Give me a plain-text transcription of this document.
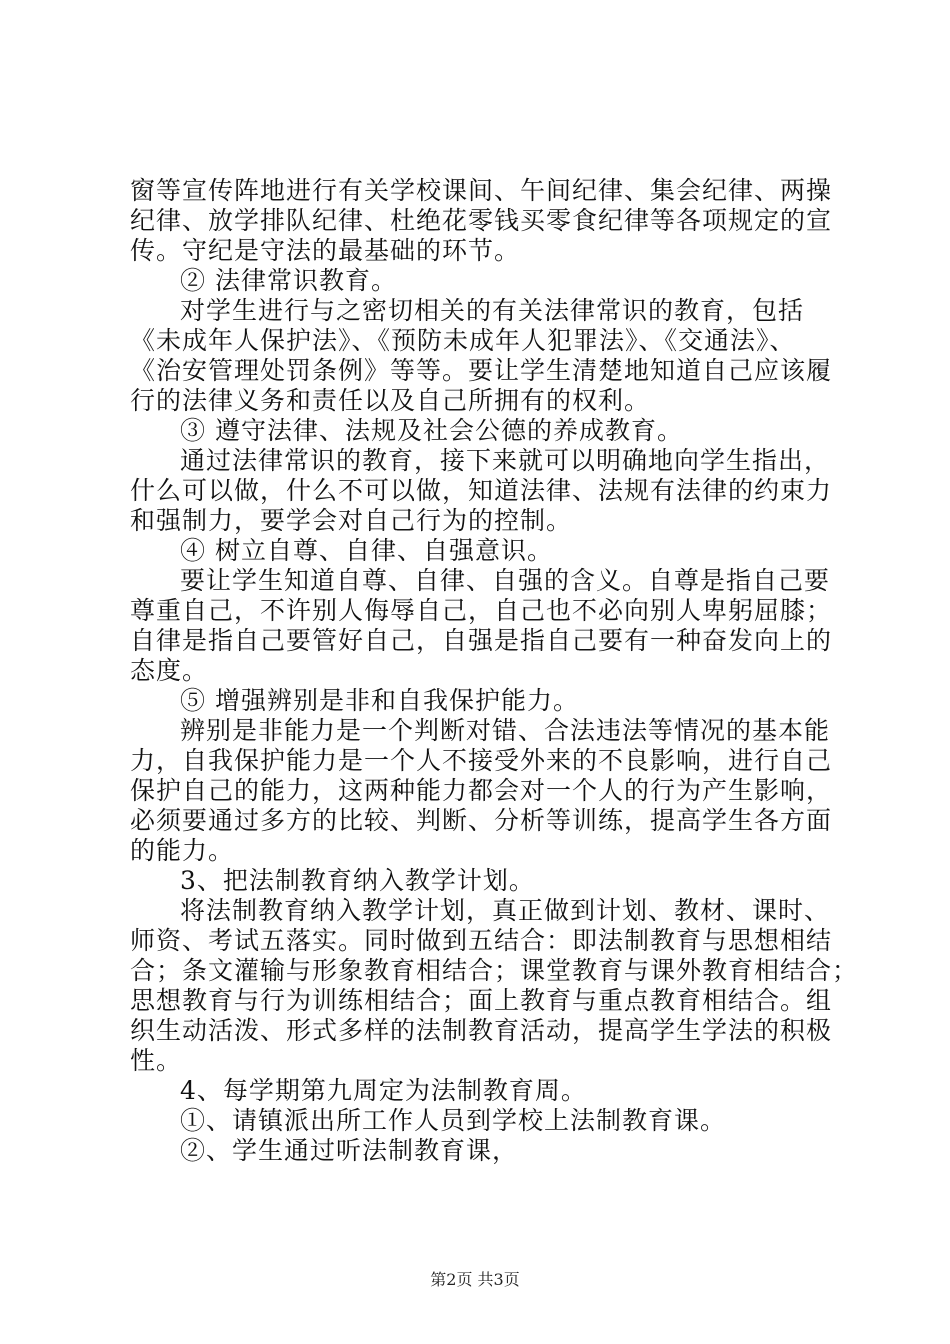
窗等宣传阵地进行有关学校课间、午间纪律、集会纪律、两操
纪律、放学排队纪律、杜绝花零钱买零食纪律等各项规定的宣
传。守纪是守法的最基础的环节。
② 法律常识教育。
对学生进行与之密切相关的有关法律常识的教育，包括
《未成年人保护法》、《预防未成年人犯罪法》、《交通法》、
《治安管理处罚条例》等等。要让学生清楚地知道自己应该履
行的法律义务和责任以及自己所拥有的权利。
③ 遵守法律、法规及社会公德的养成教育。
通过法律常识的教育，接下来就可以明确地向学生指出，
什么可以做，什么不可以做，知道法律、法规有法律的约束力
和强制力，要学会对自己行为的控制。
④ 树立自尊、自律、自强意识。
要让学生知道自尊、自律、自强的含义。自尊是指自己要
尊重自己，不许别人侮辱自己，自己也不必向别人卑躬屈膝；
自律是指自己要管好自己，自强是指自己要有一种奋发向上的
态度。
⑤ 增强辨别是非和自我保护能力。
辨别是非能力是一个判断对错、合法违法等情况的基本能
力，自我保护能力是一个人不接受外来的不良影响，进行自己
保护自己的能力，这两种能力都会对一个人的行为产生影响，
必须要通过多方的比较、判断、分析等训练，提高学生各方面
的能力。
3、把法制教育纳入教学计划。
将法制教育纳入教学计划，真正做到计划、教材、课时、
师资、考试五落实。同时做到五结合：即法制教育与思想相结
合；条文灌输与形象教育相结合；课堂教育与课外教育相结合；
思想教育与行为训练相结合；面上教育与重点教育相结合。组
织生动活泼、形式多样的法制教育活动，提高学生学法的积极
性。
4、每学期第九周定为法制教育周。
①、请镇派出所工作人员到学校上法制教育课。
②、学生通过听法制教育课，
第2页 共3页
